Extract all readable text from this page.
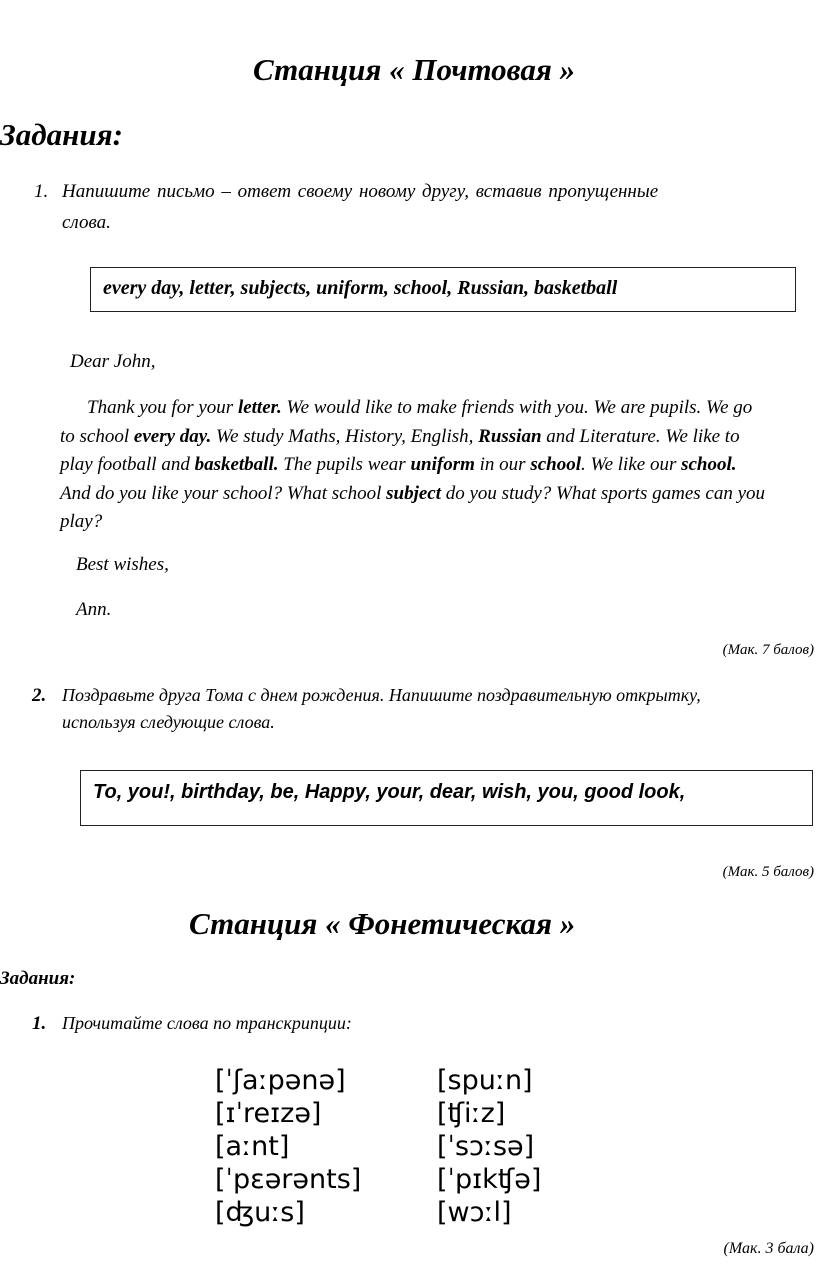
Станция « Почтовая »
Задания:
1. Напишите письмо – ответ своему новому другу, вставив пропущенные
слова.
every day, letter, subjects, uniform, school, Russian, basketball
Dear John,
Thank you for your letter. We would like to make friends with you. We are pupils. We go
to school every day. We study Maths, History, English, Russian and Literature. We like to
play football and basketball. The pupils wear uniform in our school. We like our school.
And do you like your school? What school subject do you study? What sports games can you
play?
Best wishes,
Ann.
(Мак. 7 балов)
2. Поздравьте друга Тома с днем рождения. Напишите поздравительную открытку,
используя следующие слова.
To, you!, birthday, be, Happy, your, dear, wish, you, good look,
(Мак. 5 балов)
Станция « Фонетическая »
Задания:
1. Прочитайте слова по транскрипции:
[ˈʃaːpənə]
[ɪˈreɪzə]
[aːnt]
[ˈpɛərənts]
[ʤuːs]
[spuːn]
[ʧiːz]
[ˈsɔːsə]
[ˈpɪkʧə]
[wɔːl]
(Мак. 3 бала)
